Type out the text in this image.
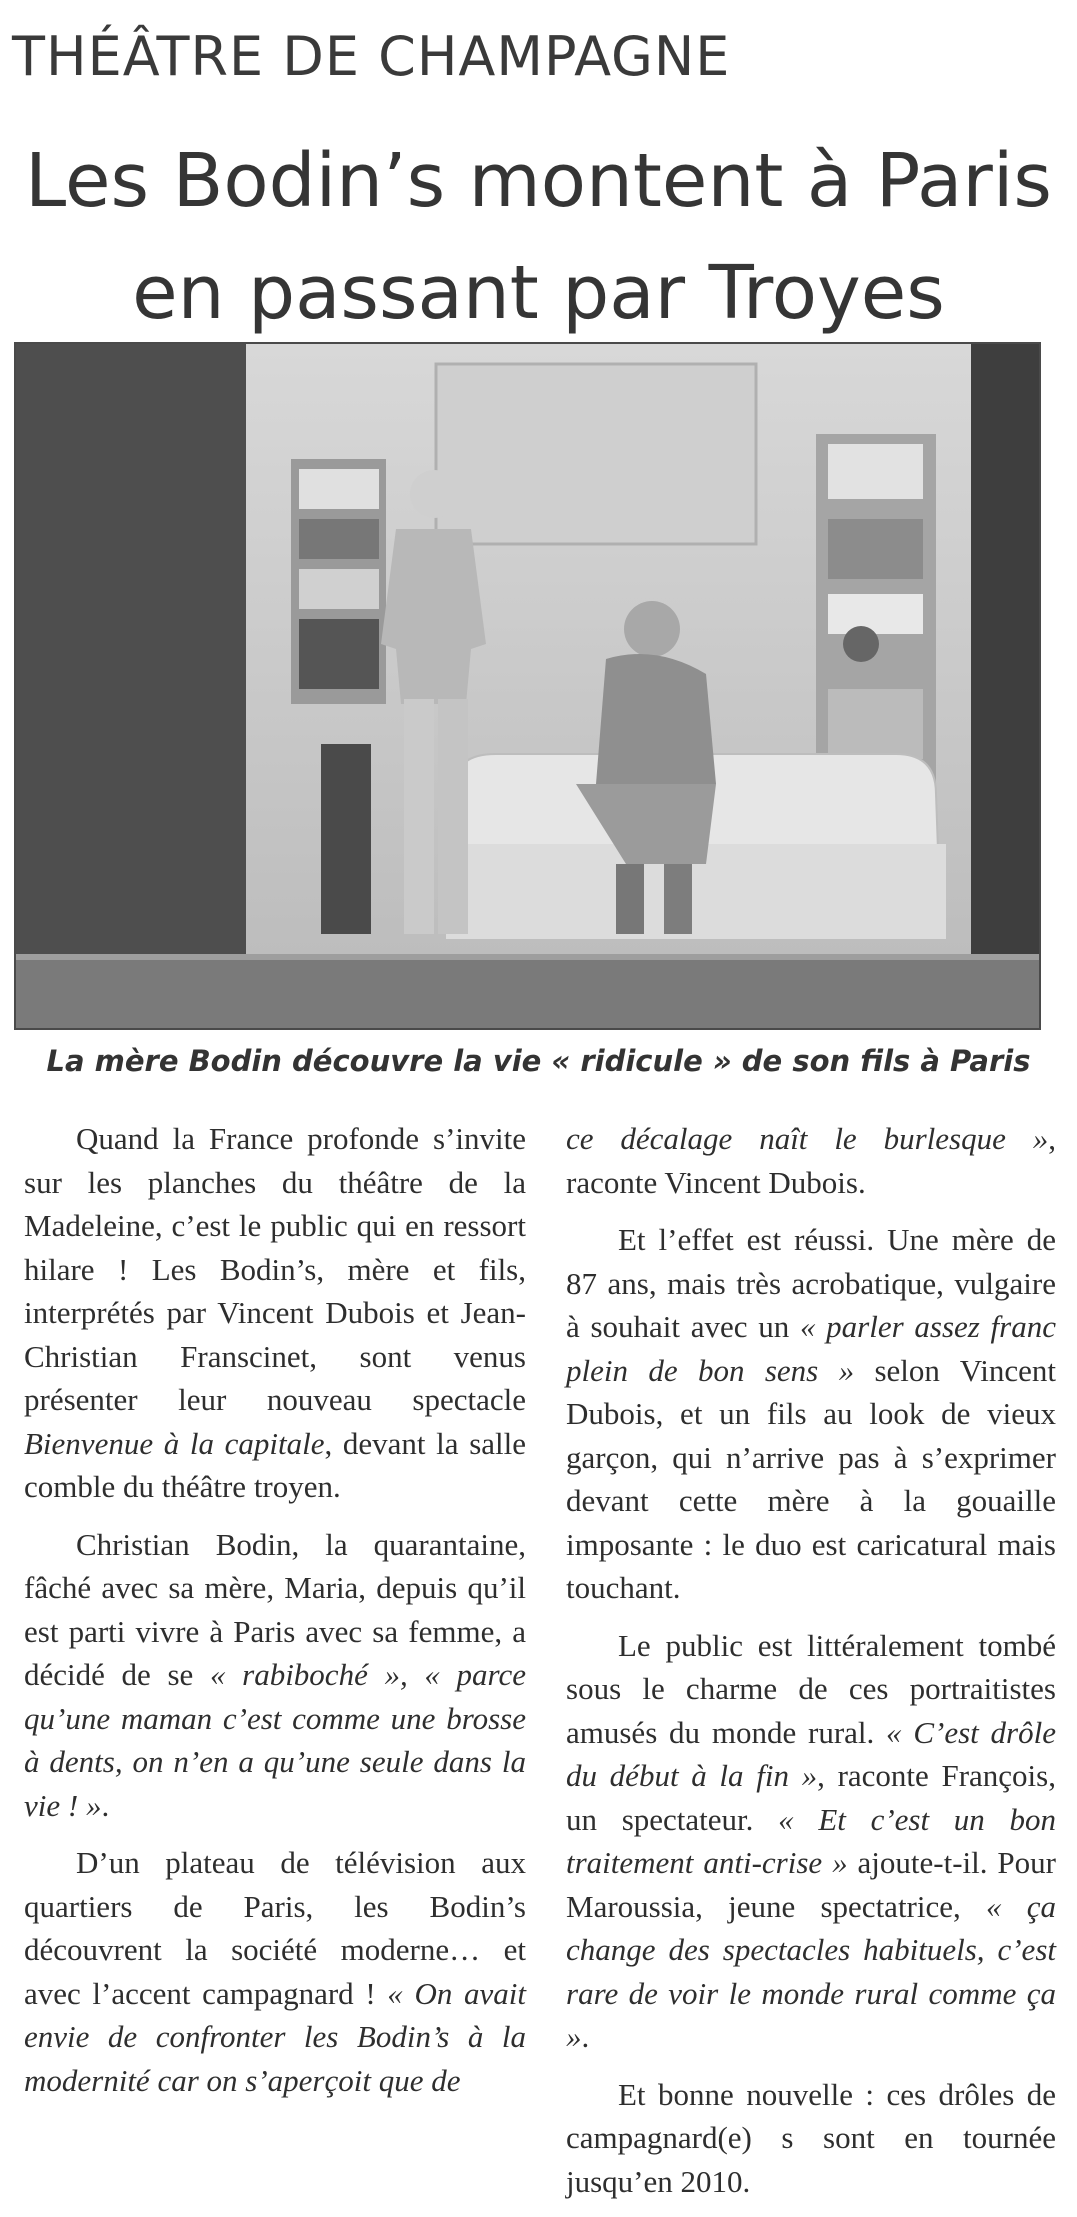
THÉÂTRE DE CHAMPAGNE
Les Bodin’s montent à Paris
en passant par Troyes
La mère Bodin découvre la vie « ridicule » de son fils à Paris

Quand la France profonde s’invite sur les planches du théâtre de la Madeleine, c’est le public qui en ressort hilare ! Les Bodin’s, mère et fils, interprétés par Vincent Dubois et Jean-Christian Franscinet, sont venus présenter leur nouveau spectacle Bienvenue à la capitale, devant la salle comble du théâtre troyen.

Christian Bodin, la quarantaine, fâché avec sa mère, Maria, depuis qu’il est parti vivre à Paris avec sa femme, a décidé de se « rabiboché », « parce qu’une maman c’est comme une brosse à dents, on n’en a qu’une seule dans la vie ! ».

D’un plateau de télévision aux quartiers de Paris, les Bodin’s découvrent la société moderne… et avec l’accent campagnard ! « On avait envie de confronter les Bodin’s à la modernité car on s’aperçoit que de

ce décalage naît le burlesque », raconte Vincent Dubois.

Et l’effet est réussi. Une mère de 87 ans, mais très acrobatique, vulgaire à souhait avec un « parler assez franc plein de bon sens » selon Vincent Dubois, et un fils au look de vieux garçon, qui n’arrive pas à s’exprimer devant cette mère à la gouaille imposante : le duo est caricatural mais touchant.

Le public est littéralement tombé sous le charme de ces portraitistes amusés du monde rural. « C’est drôle du début à la fin », raconte François, un spectateur. « Et c’est un bon traitement anti-crise » ajoute-t-il. Pour Maroussia, jeune spectatrice, « ça change des spectacles habituels, c’est rare de voir le monde rural comme ça ».

Et bonne nouvelle : ces drôles de campagnard(e) s sont en tournée jusqu’en 2010.
